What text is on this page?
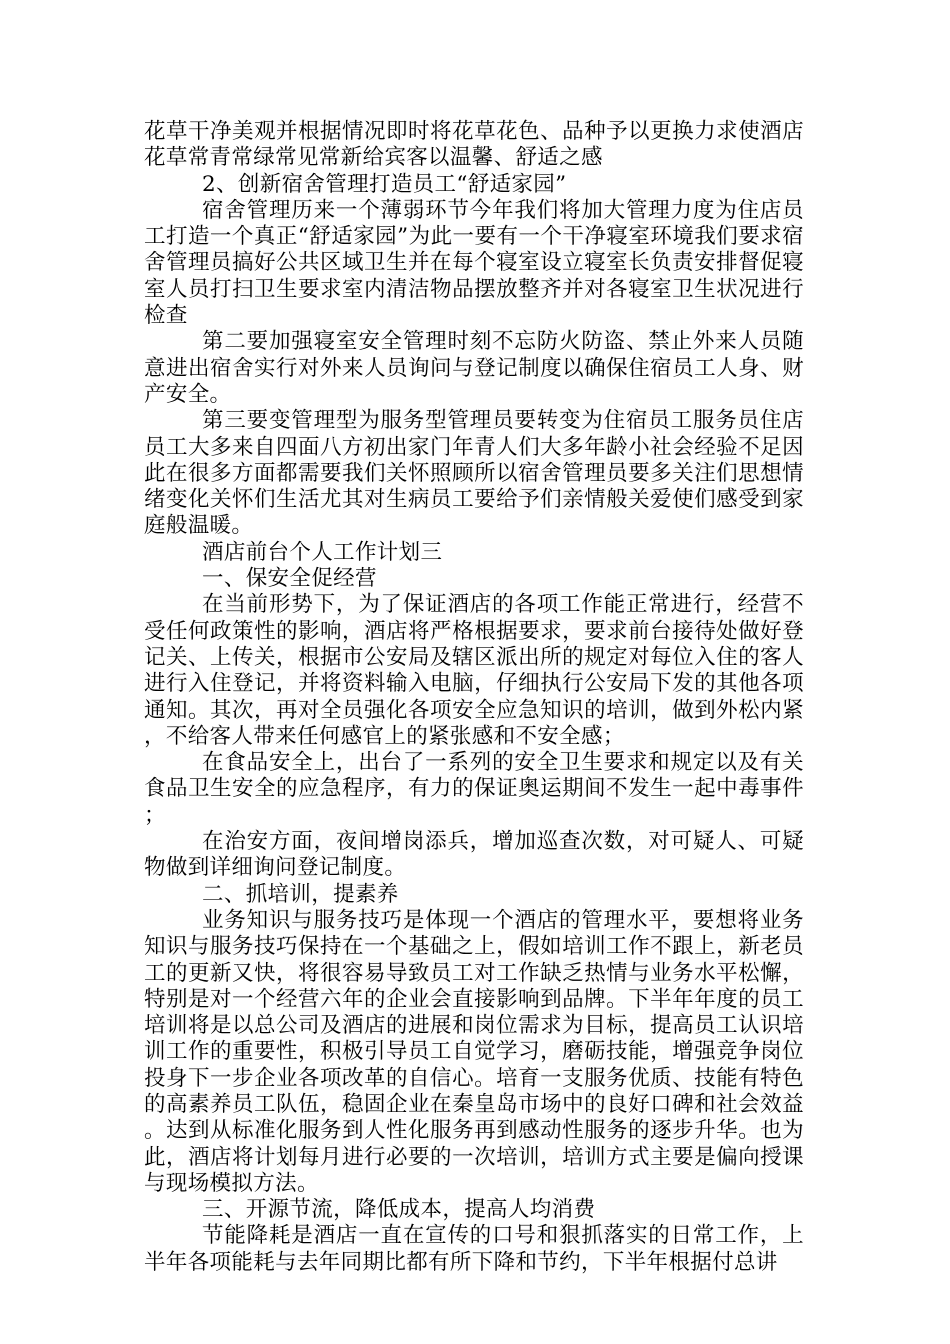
花草干净美观并根据情况即时将花草花色、品种予以更换力求使酒店花草常青常绿常见常新给宾客以温馨、舒适之感

2、创新宿舍管理打造员工“舒适家园”

宿舍管理历来一个薄弱环节今年我们将加大管理力度为住店员工打造一个真正“舒适家园”为此一要有一个干净寝室环境我们要求宿舍管理员搞好公共区域卫生并在每个寝室设立寝室长负责安排督促寝室人员打扫卫生要求室内清洁物品摆放整齐并对各寝室卫生状况进行检查

第二要加强寝室安全管理时刻不忘防火防盗、禁止外来人员随意进出宿舍实行对外来人员询问与登记制度以确保住宿员工人身、财产安全。

第三要变管理型为服务型管理员要转变为住宿员工服务员住店员工大多来自四面八方初出家门年青人们大多年龄小社会经验不足因此在很多方面都需要我们关怀照顾所以宿舍管理员要多关注们思想情绪变化关怀们生活尤其对生病员工要给予们亲情般关爱使们感受到家庭般温暖。

酒店前台个人工作计划三

一、保安全促经营

在当前形势下，为了保证酒店的各项工作能正常进行，经营不受任何政策性的影响，酒店将严格根据要求，要求前台接待处做好登记关、上传关，根据市公安局及辖区派出所的规定对每位入住的客人进行入住登记，并将资料输入电脑，仔细执行公安局下发的其他各项通知。其次，再对全员强化各项安全应急知识的培训，做到外松内紧，不给客人带来任何感官上的紧张感和不安全感；

在食品安全上，出台了一系列的安全卫生要求和规定以及有关食品卫生安全的应急程序，有力的保证奥运期间不发生一起中毒事件；

在治安方面，夜间增岗添兵，增加巡查次数，对可疑人、可疑物做到详细询问登记制度。

二、抓培训，提素养

业务知识与服务技巧是体现一个酒店的管理水平，要想将业务知识与服务技巧保持在一个基础之上，假如培训工作不跟上，新老员工的更新又快，将很容易导致员工对工作缺乏热情与业务水平松懈，特别是对一个经营六年的企业会直接影响到品牌。下半年年度的员工培训将是以总公司及酒店的进展和岗位需求为目标，提高员工认识培训工作的重要性，积极引导员工自觉学习，磨砺技能，增强竞争岗位投身下一步企业各项改革的自信心。培育一支服务优质、技能有特色的高素养员工队伍，稳固企业在秦皇岛市场中的良好口碑和社会效益。达到从标准化服务到人性化服务再到感动性服务的逐步升华。也为此，酒店将计划每月进行必要的一次培训，培训方式主要是偏向授课与现场模拟方法。

三、开源节流，降低成本，提高人均消费

节能降耗是酒店一直在宣传的口号和狠抓落实的日常工作，上半年各项能耗与去年同期比都有所下降和节约，下半年根据付总讲
